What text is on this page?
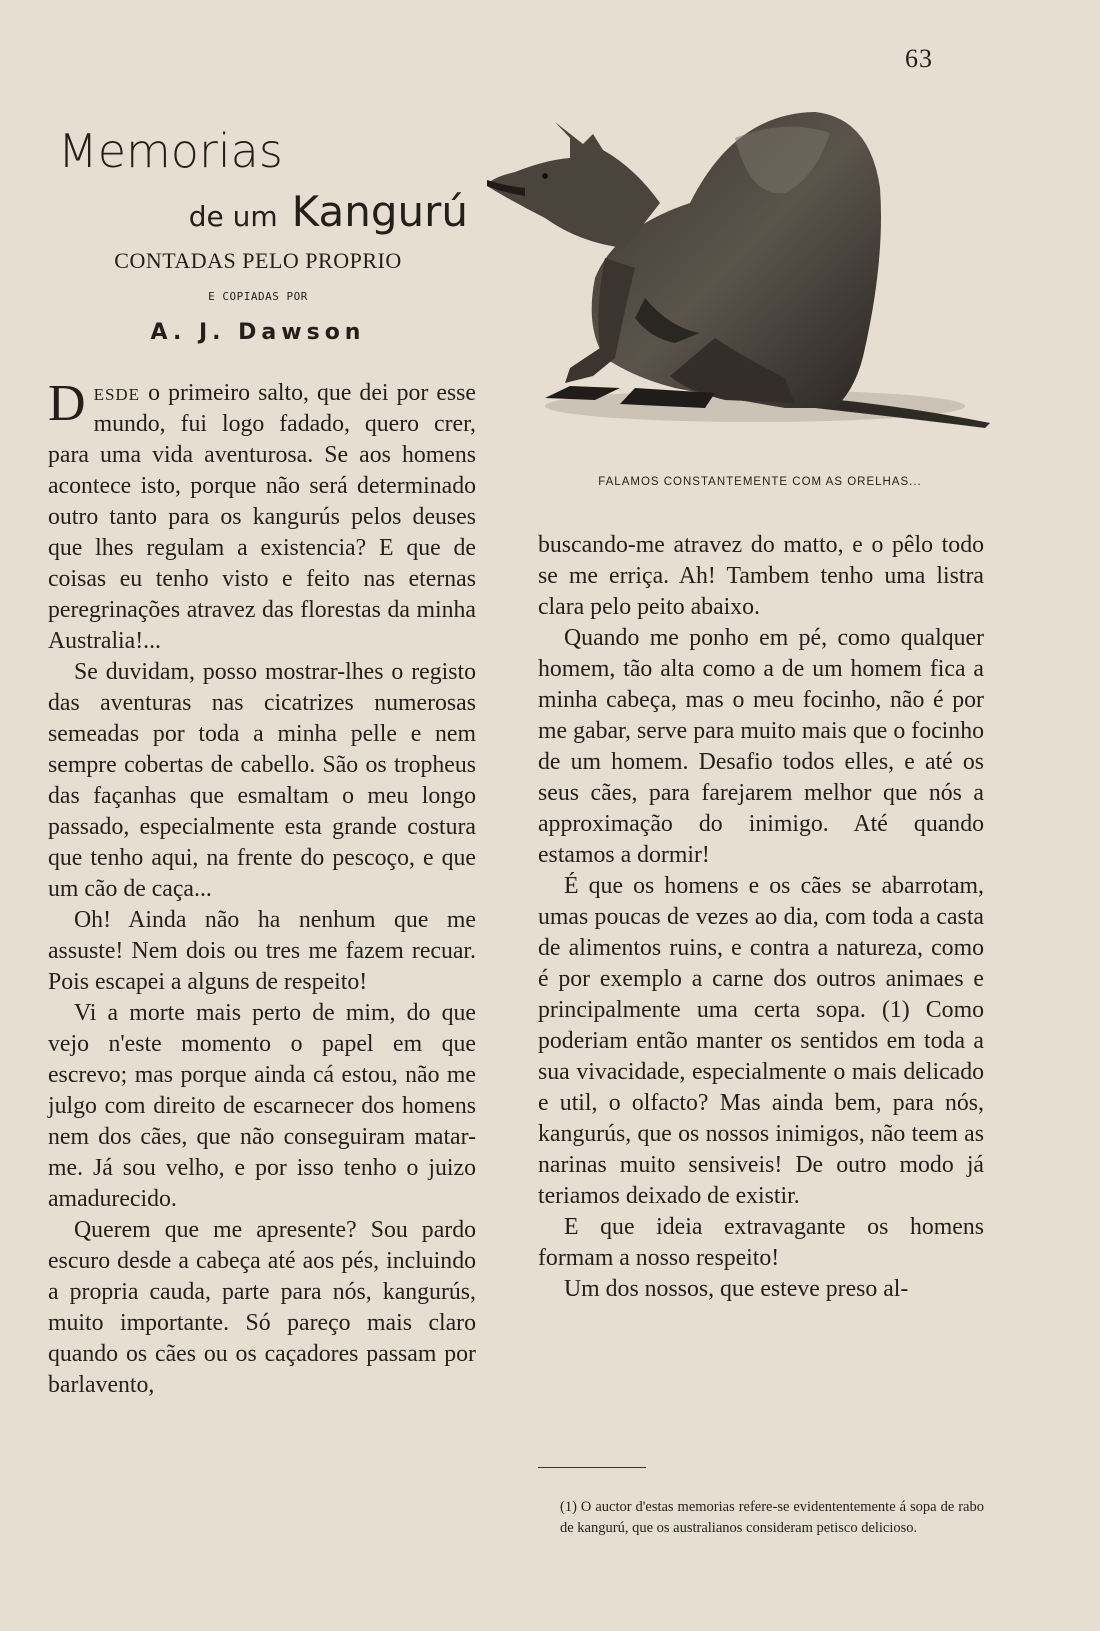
63
Memorias
de um Kangurú
CONTADAS PELO PROPRIO
E COPIADAS POR
A. J. Dawson
FALAMOS CONSTANTEMENTE COM AS ORELHAS...

Desde o primeiro salto, que dei por esse mundo, fui logo fadado, quero crer, para uma vida aventurosa. Se aos homens acontece isto, porque não será determinado outro tanto para os kangurús pelos deuses que lhes regulam a existencia? E que de coisas eu tenho visto e feito nas eternas peregrinações atravez das florestas da minha Australia!...

Se duvidam, posso mostrar-lhes o registo das aventuras nas cicatrizes numerosas semeadas por toda a minha pelle e nem sempre cobertas de cabello. São os tropheus das façanhas que esmaltam o meu longo passado, especialmente esta grande costura que tenho aqui, na frente do pescoço, e que um cão de caça...

Oh! Ainda não ha nenhum que me assuste! Nem dois ou tres me fazem recuar. Pois escapei a alguns de respeito!

Vi a morte mais perto de mim, do que vejo n'este momento o papel em que escrevo; mas porque ainda cá estou, não me julgo com direito de escarnecer dos homens nem dos cães, que não conseguiram matar-me. Já sou velho, e por isso tenho o juizo amadurecido.

Querem que me apresente? Sou pardo escuro desde a cabeça até aos pés, incluindo a propria cauda, parte para nós, kangurús, muito importante. Só pareço mais claro quando os cães ou os caçadores passam por barlavento,

buscando-me atravez do matto, e o pêlo todo se me erriça. Ah! Tambem tenho uma listra clara pelo peito abaixo.

Quando me ponho em pé, como qualquer homem, tão alta como a de um homem fica a minha cabeça, mas o meu focinho, não é por me gabar, serve para muito mais que o focinho de um homem. Desafio todos elles, e até os seus cães, para farejarem melhor que nós a approximação do inimigo. Até quando estamos a dormir!

É que os homens e os cães se abarrotam, umas poucas de vezes ao dia, com toda a casta de alimentos ruins, e contra a natureza, como é por exemplo a carne dos outros animaes e principalmente uma certa sopa. (1) Como poderiam então manter os sentidos em toda a sua vivacidade, especialmente o mais delicado e util, o olfacto? Mas ainda bem, para nós, kangurús, que os nossos inimigos, não teem as narinas muito sensiveis! De outro modo já teriamos deixado de existir.

E que ideia extravagante os homens formam a nosso respeito!

Um dos nossos, que esteve preso al-

(1) O auctor d'estas memorias refere-se evidententemente á sopa de rabo de kangurú, que os australianos consideram petisco delicioso.
